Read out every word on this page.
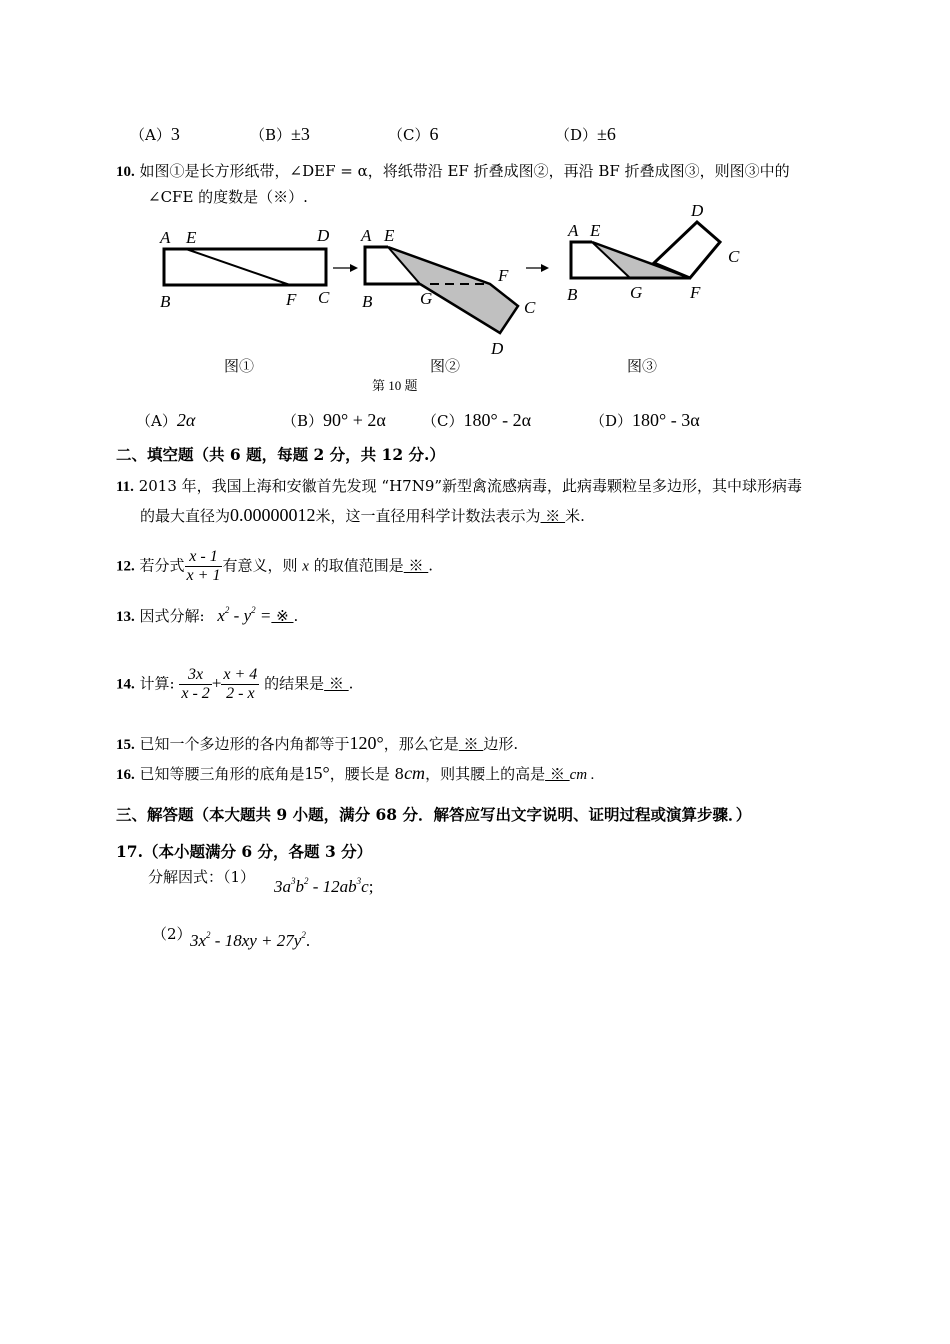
（A）3	（B）±3	（C）6	（D）±6
10. 如图①是长方形纸带，∠DEF = α，将纸带沿 EF 折叠成图②，再沿 BF 折叠成图③，则图③中的
∠CFE 的度数是（※）.
A E	D
B	F C
图①
A E
B	G
F
C
D
图②
A E
B	G	F
D
C
图③
第 10 题
（A）2α	（B）90° + 2α （C）180° - 2α	（D）180° - 3α
二、填空题（共 6 题，每题 2 分，共 12 分.）
11. 2013 年，我国上海和安徽首先发现 “H7N9”新型禽流感病毒，此病毒颗粒呈多边形，其中球形病毒
的最大直径为0.00000012米，这一直径用科学计数法表示为 ※ 米.
12. 若分式 $\frac{x - 1}{x + 1}$ 有意义，则 x 的取值范围是 ※ .
13. 因式分解: $x^2 - y^2$ = ※ .
14. 计算: $\frac{3x}{x - 2} + \frac{x + 4}{2 - x}$ 的结果是 ※ .
15. 已知一个多边形的各内角都等于120°，那么它是 ※ 边形.
16. 已知等腰三角形的底角是15°，腰长是 8cm，则其腰上的高是 ※ cm .
三、解答题（本大题共 9 小题，满分 68 分．解答应写出文字说明、证明过程或演算步骤．）
17.（本小题满分 6 分，各题 3 分）
分解因式：（1） $3a^3b^2 - 12ab^3c$;
（2）
$3x^2 - 18xy + 27y^2$.
